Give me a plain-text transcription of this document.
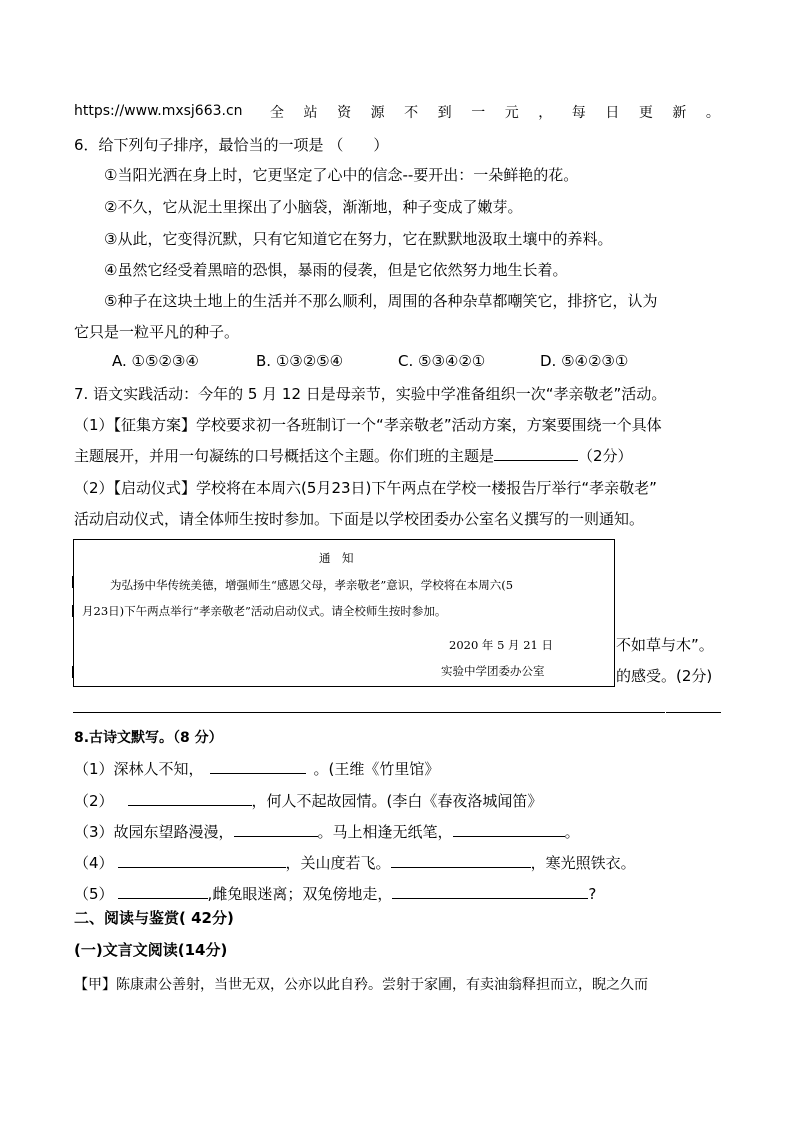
https://www.mxsj663.cn 全 站 资 源 不 到 一 元 ， 每 日 更 新 。
6．给下列句子排序，最恰当的一项是 （　　）
①当阳光洒在身上时，它更坚定了心中的信念--要开出：一朵鲜艳的花。
②不久，它从泥土里探出了小脑袋，渐渐地，种子变成了嫩芽。
③从此，它变得沉默，只有它知道它在努力，它在默默地汲取土壤中的养料。
④虽然它经受着黑暗的恐惧，暴雨的侵袭，但是它依然努力地生长着。
⑤种子在这块土地上的生活并不那么顺利，周围的各种杂草都嘲笑它，排挤它，认为
它只是一粒平凡的种子。
A. ①⑤②③④	B. ①③②⑤④	C. ⑤③④②①	D. ⑤④②③①
7. 语文实践活动：今年的 5 月 12 日是母亲节，实验中学准备组织一次“孝亲敬老”活动。
（1）【征集方案】学校要求初一各班制订一个“孝亲敬老”活动方案，方案要围绕一个具体
主题展开，并用一句凝练的口号概括这个主题。你们班的主题是	（2分）
（2）【启动仪式】学校将在本周六(5月23日)下午两点在学校一楼报告厅举行“孝亲敬老”
活动启动仪式，请全体师生按时参加。下面是以学校团委办公室名义撰写的一则通知。
不如草与木”。
的感受。(2分)
通　知
为弘扬中华传统美德，增强师生“感恩父母，孝亲敬老”意识，学校将在本周六(5
月23日)下午两点举行“孝亲敬老”活动启动仪式。请全校师生按时参加。
2020 年 5 月 21 日
实验中学团委办公室
8.古诗文默写。（8 分）
（1）深林人不知，	。(王维《竹里馆》
（2）	，何人不起故园情。(李白《春夜洛城闻笛》
（3）故园东望路漫漫，	。马上相逢无纸笔，	。
（4）	，关山度若飞。	，寒光照铁衣。
（5）	,雌兔眼迷离；双兔傍地走，	?
二、阅读与鉴赏( 42分)
(一)文言文阅读(14分)
【甲】陈康肃公善射，当世无双，公亦以此自矜。尝射于家圃，有卖油翁释担而立，睨之久而
